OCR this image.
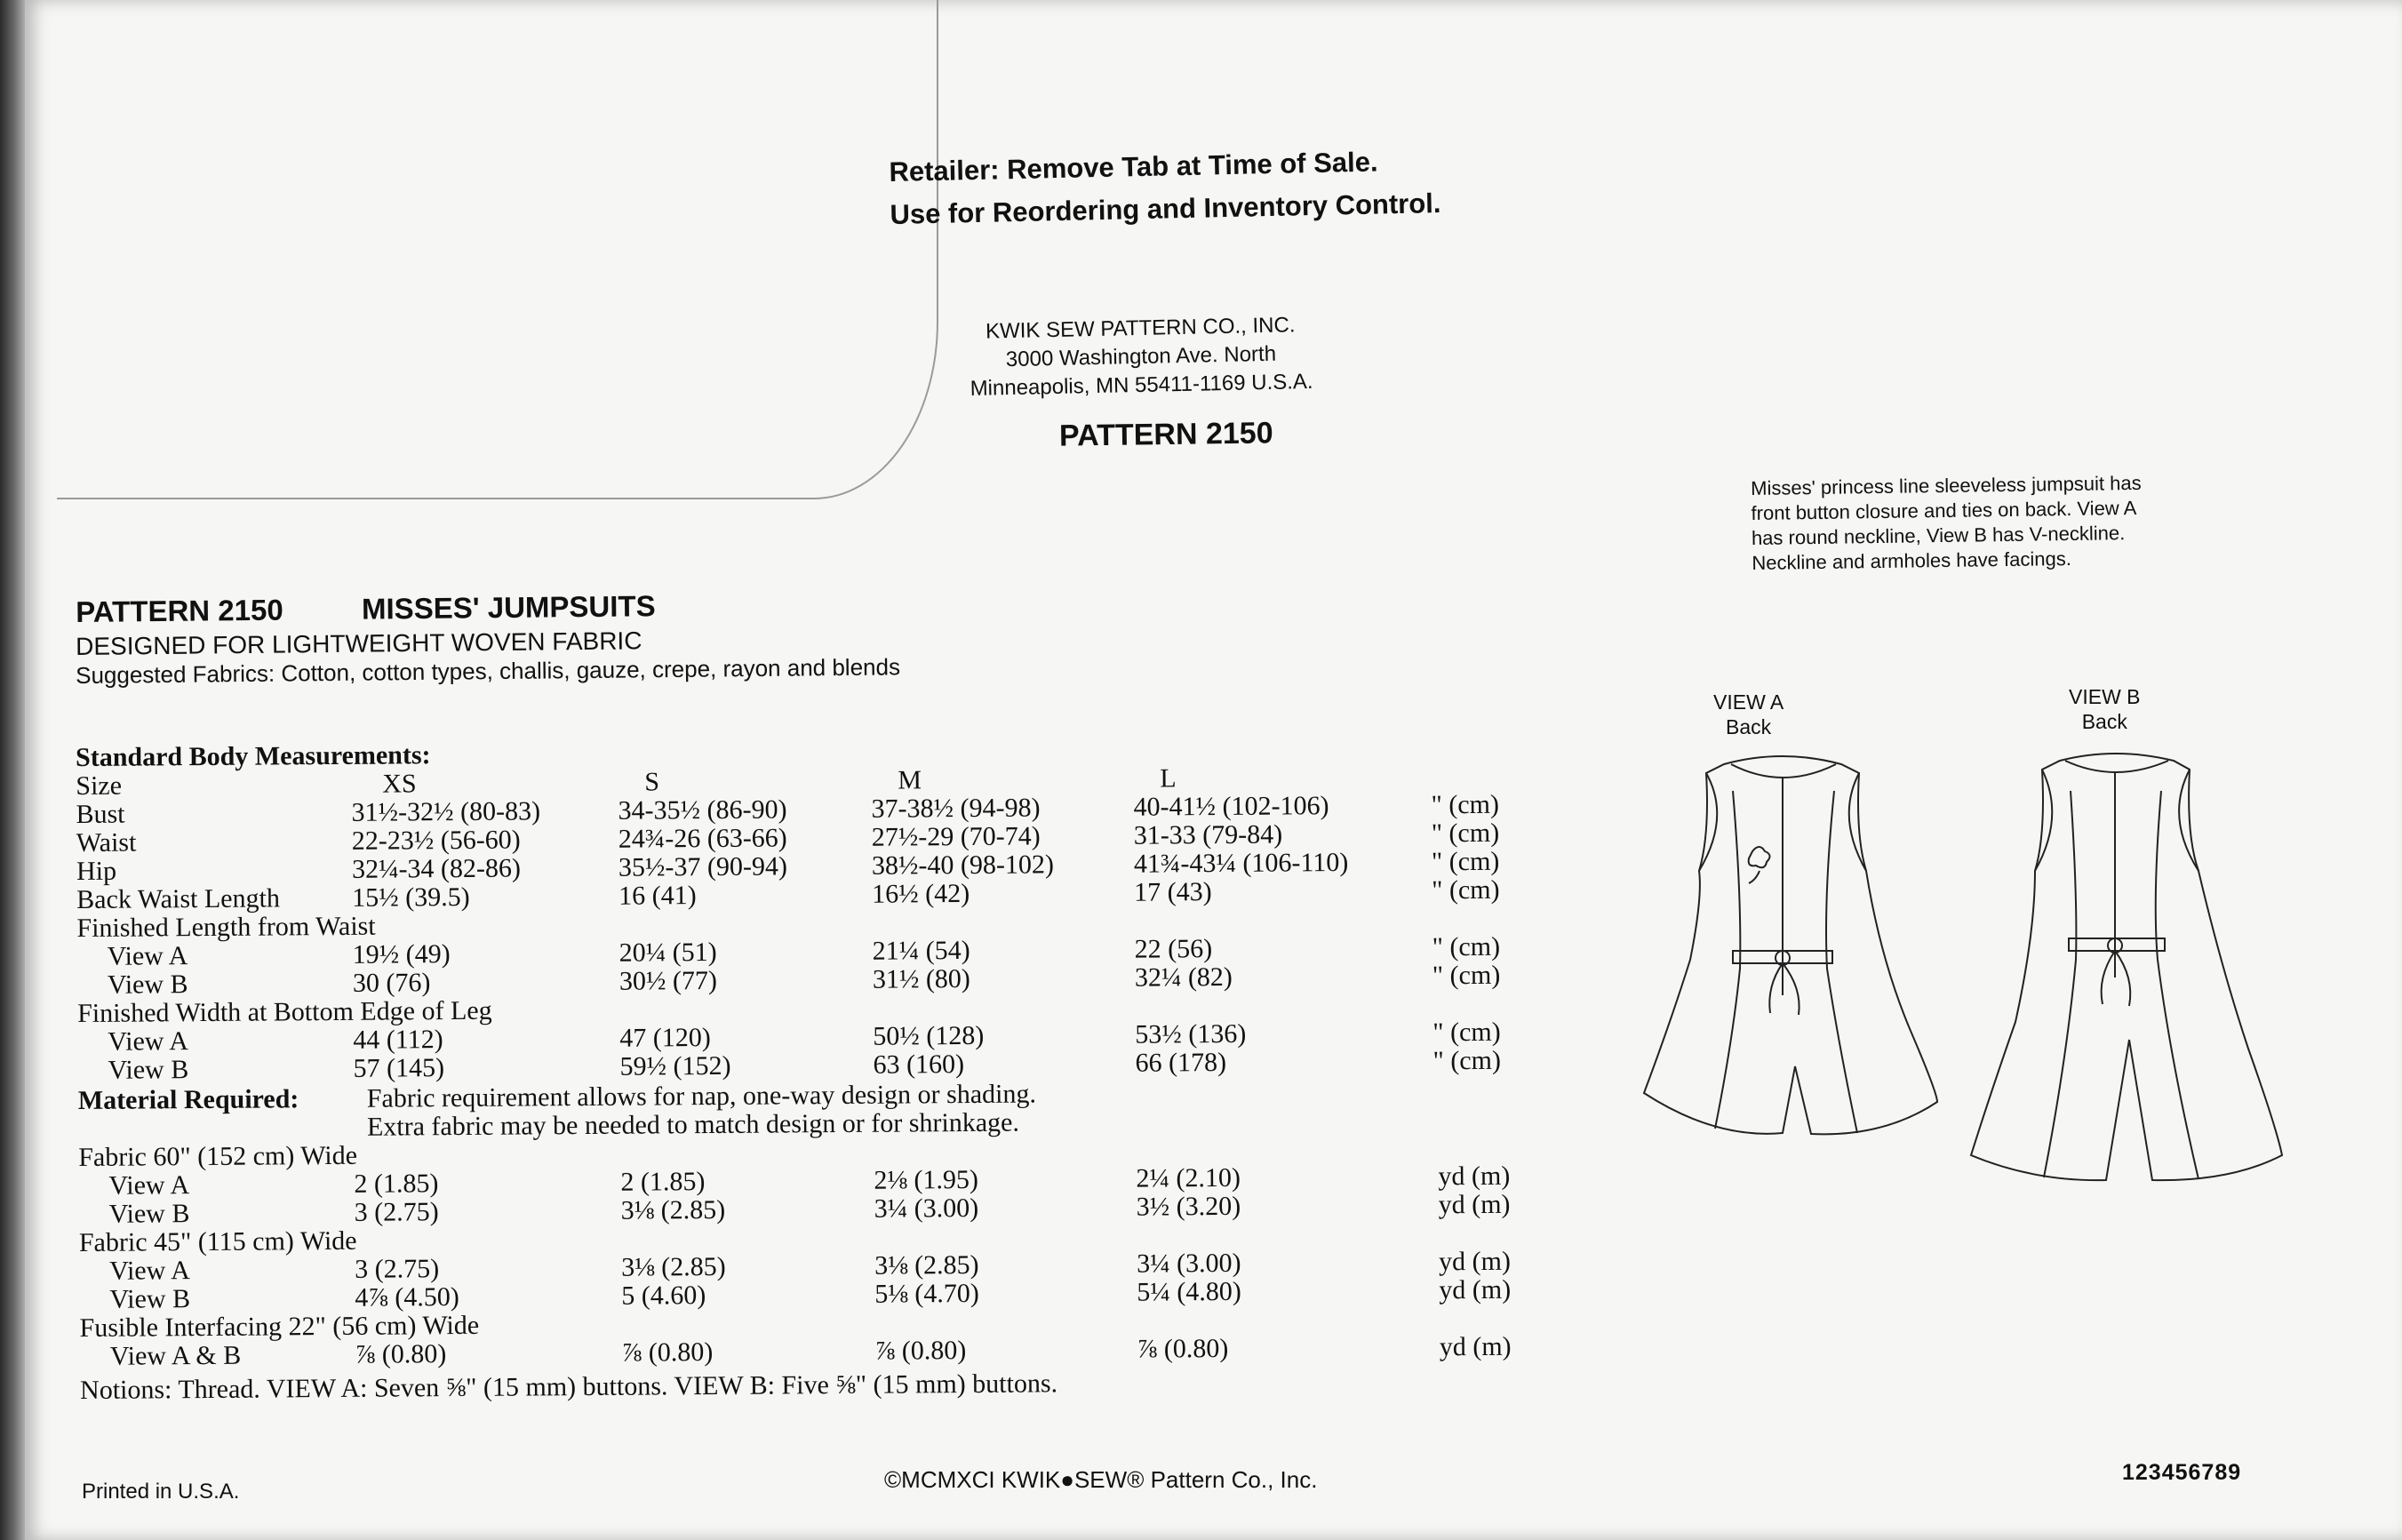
Retailer: Remove Tab at Time of Sale.
Use for Reordering and Inventory Control.
KWIK SEW PATTERN CO., INC.
3000 Washington Ave. North
Minneapolis, MN 55411-1169 U.S.A.
PATTERN 2150
Misses' princess line sleeveless jumpsuit has
front button closure and ties on back. View A
has round neckline, View B has V-neckline.
Neckline and armholes have facings.
PATTERN 2150	MISSES' JUMPSUITS
DESIGNED FOR LIGHTWEIGHT WOVEN FABRIC
Suggested Fabrics: Cotton, cotton types, challis, gauze, crepe, rayon and blends
Standard Body Measurements:
Size	XS	S	M	L
Bust	31½-32½ (80-83)	34-35½ (86-90)	37-38½ (94-98)	40-41½ (102-106)	" (cm)
Waist	22-23½ (56-60)	24¾-26 (63-66)	27½-29 (70-74)	31-33 (79-84)	" (cm)
Hip	32¼-34 (82-86)	35½-37 (90-94)	38½-40 (98-102)	41¾-43¼ (106-110)	" (cm)
Back Waist Length	15½ (39.5)	16 (41)	16½ (42)	17 (43)	" (cm)
Finished Length from Waist
View A	19½ (49)	20¼ (51)	21¼ (54)	22 (56)	" (cm)
View B	30 (76)	30½ (77)	31½ (80)	32¼ (82)	" (cm)
Finished Width at Bottom Edge of Leg
View A	44 (112)	47 (120)	50½ (128)	53½ (136)	" (cm)
View B	57 (145)	59½ (152)	63 (160)	66 (178)	" (cm)
Material Required:	Fabric requirement allows for nap, one-way design or shading.
Extra fabric may be needed to match design or for shrinkage.
Fabric 60" (152 cm) Wide
View A	2 (1.85)	2 (1.85)	2⅛ (1.95)	2¼ (2.10)	yd (m)
View B	3 (2.75)	3⅛ (2.85)	3¼ (3.00)	3½ (3.20)	yd (m)
Fabric 45" (115 cm) Wide
View A	3 (2.75)	3⅛ (2.85)	3⅛ (2.85)	3¼ (3.00)	yd (m)
View B	4⅞ (4.50)	5 (4.60)	5⅛ (4.70)	5¼ (4.80)	yd (m)
Fusible Interfacing 22" (56 cm) Wide
View A & B	⅞ (0.80)	⅞ (0.80)	⅞ (0.80)	⅞ (0.80)	yd (m)
Notions: Thread. VIEW A: Seven ⅝" (15 mm) buttons. VIEW B: Five ⅝" (15 mm) buttons.
VIEW A
Back
VIEW B
Back
Printed in U.S.A.	©MCMXCI KWIK●SEW® Pattern Co., Inc.	123456789
